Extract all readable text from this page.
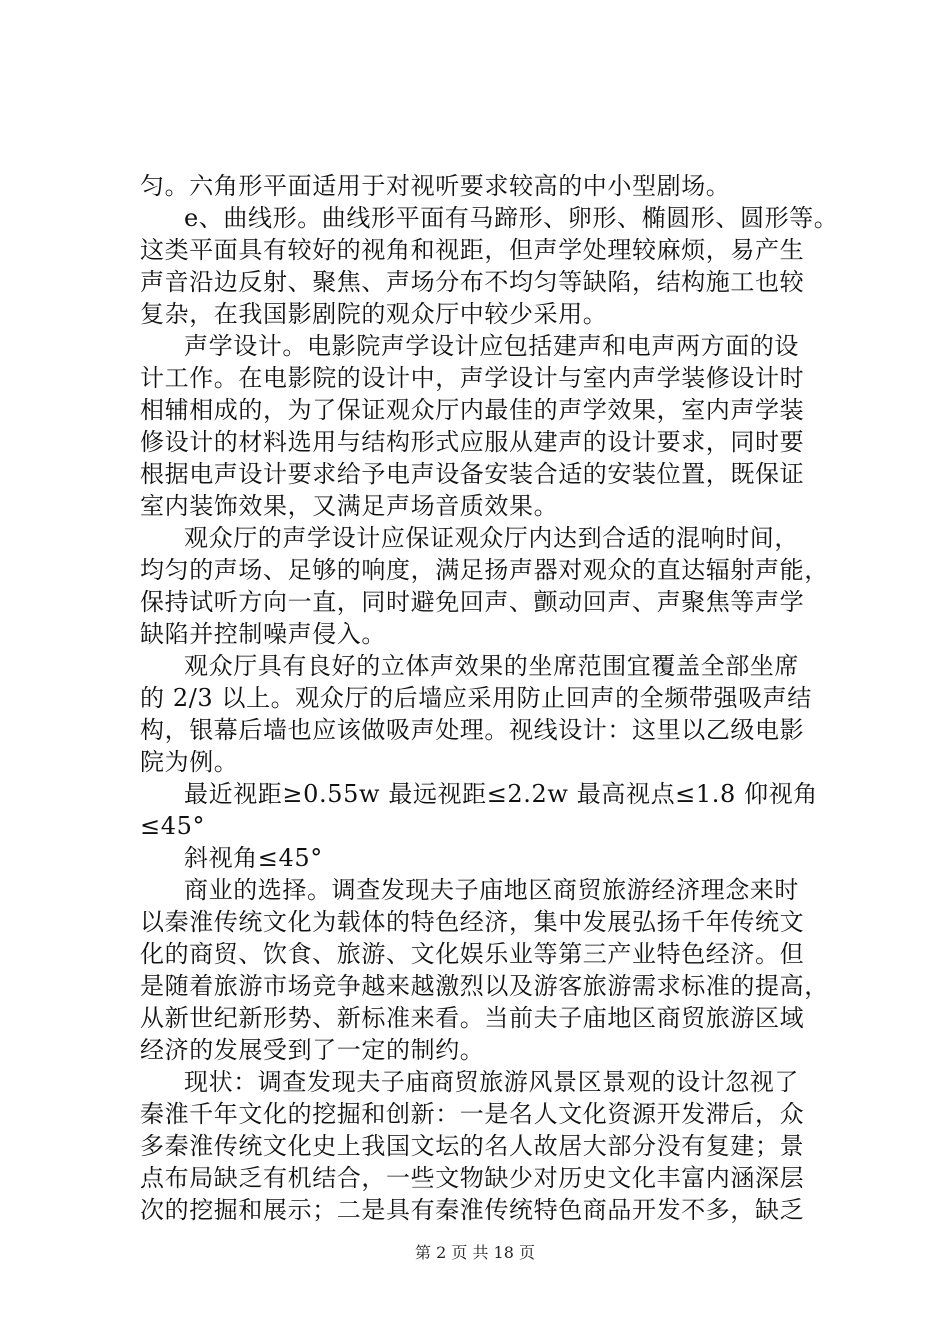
匀。六角形平面适用于对视听要求较高的中小型剧场。
e、曲线形。曲线形平面有马蹄形、卵形、椭圆形、圆形等。
这类平面具有较好的视角和视距，但声学处理较麻烦，易产生
声音沿边反射、聚焦、声场分布不均匀等缺陷，结构施工也较
复杂，在我国影剧院的观众厅中较少采用。
声学设计。电影院声学设计应包括建声和电声两方面的设
计工作。在电影院的设计中，声学设计与室内声学装修设计时
相辅相成的，为了保证观众厅内最佳的声学效果，室内声学装
修设计的材料选用与结构形式应服从建声的设计要求，同时要
根据电声设计要求给予电声设备安装合适的安装位置，既保证
室内装饰效果，又满足声场音质效果。
观众厅的声学设计应保证观众厅内达到合适的混响时间，
均匀的声场、足够的响度，满足扬声器对观众的直达辐射声能，
保持试听方向一直，同时避免回声、颤动回声、声聚焦等声学
缺陷并控制噪声侵入。
观众厅具有良好的立体声效果的坐席范围宜覆盖全部坐席
的 2/3 以上。观众厅的后墙应采用防止回声的全频带强吸声结
构，银幕后墙也应该做吸声处理。视线设计：这里以乙级电影
院为例。
最近视距≥0.55w 最远视距≤2.2w 最高视点≤1.8 仰视角
≤45°
斜视角≤45°
商业的选择。调查发现夫子庙地区商贸旅游经济理念来时
以秦淮传统文化为载体的特色经济，集中发展弘扬千年传统文
化的商贸、饮食、旅游、文化娱乐业等第三产业特色经济。但
是随着旅游市场竞争越来越激烈以及游客旅游需求标准的提高，
从新世纪新形势、新标准来看。当前夫子庙地区商贸旅游区域
经济的发展受到了一定的制约。
现状：调查发现夫子庙商贸旅游风景区景观的设计忽视了
秦淮千年文化的挖掘和创新：一是名人文化资源开发滞后，众
多秦淮传统文化史上我国文坛的名人故居大部分没有复建；景
点布局缺乏有机结合，一些文物缺少对历史文化丰富内涵深层
次的挖掘和展示；二是具有秦淮传统特色商品开发不多，缺乏
第 2 页 共 18 页
